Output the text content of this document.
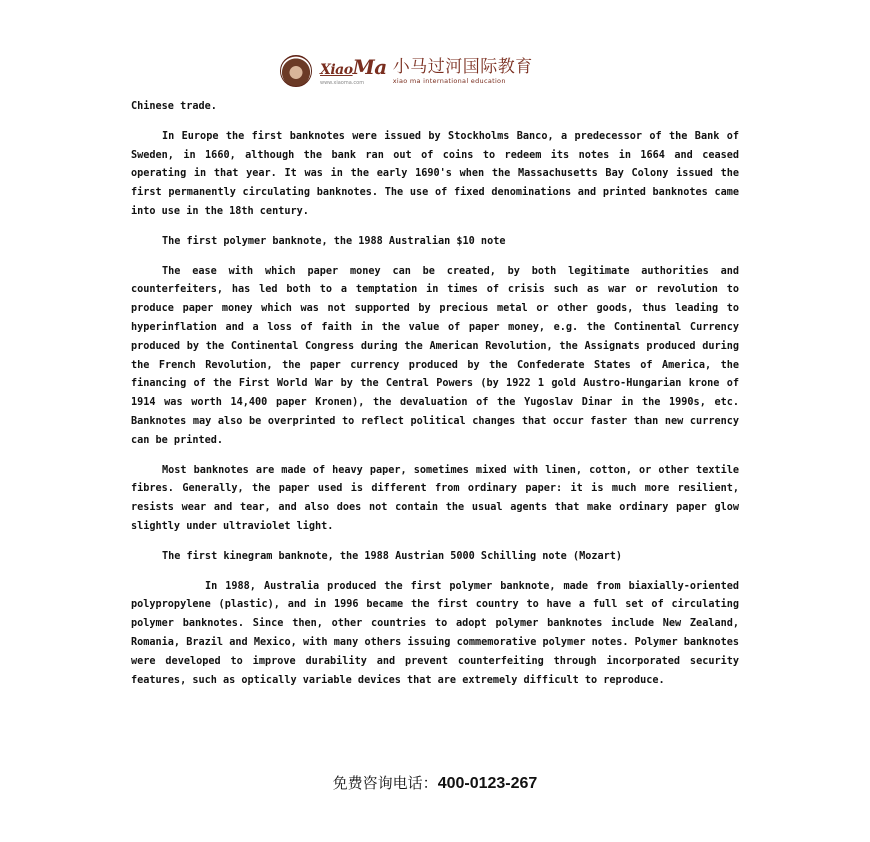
XiaoMa
www.xiaoma.com
小马过河国际教育
xiao ma international education

Chinese trade.

In Europe the first banknotes were issued by Stockholms Banco, a predecessor of the Bank of Sweden, in 1660, although the bank ran out of coins to redeem its notes in 1664 and ceased operating in that year. It was in the early 1690's when the Massachusetts Bay Colony issued the first permanently circulating banknotes. The use of fixed denominations and printed banknotes came into use in the 18th century.

The first polymer banknote, the 1988 Australian $10 note

The ease with which paper money can be created, by both legitimate authorities and counterfeiters, has led both to a temptation in times of crisis such as war or revolution to produce paper money which was not supported by precious metal or other goods, thus leading to hyperinflation and a loss of faith in the value of paper money, e.g. the Continental Currency produced by the Continental Congress during the American Revolution, the Assignats produced during the French Revolution, the paper currency produced by the Confederate States of America, the financing of the First World War by the Central Powers (by 1922 1 gold Austro-Hungarian krone of 1914 was worth 14,400 paper Kronen), the devaluation of the Yugoslav Dinar in the 1990s, etc. Banknotes may also be overprinted to reflect political changes that occur faster than new currency can be printed.

Most banknotes are made of heavy paper, sometimes mixed with linen, cotton, or other textile fibres. Generally, the paper used is different from ordinary paper: it is much more resilient, resists wear and tear, and also does not contain the usual agents that make ordinary paper glow slightly under ultraviolet light.

The first kinegram banknote, the 1988 Austrian 5000 Schilling note (Mozart)

In 1988, Australia produced the first polymer banknote, made from biaxially-oriented polypropylene (plastic), and in 1996 became the first country to have a full set of circulating polymer banknotes. Since then, other countries to adopt polymer banknotes include New Zealand, Romania, Brazil and Mexico, with many others issuing commemorative polymer notes. Polymer banknotes were developed to improve durability and prevent counterfeiting through incorporated security features, such as optically variable devices that are extremely difficult to reproduce.

免费咨询电话：400-0123-267
